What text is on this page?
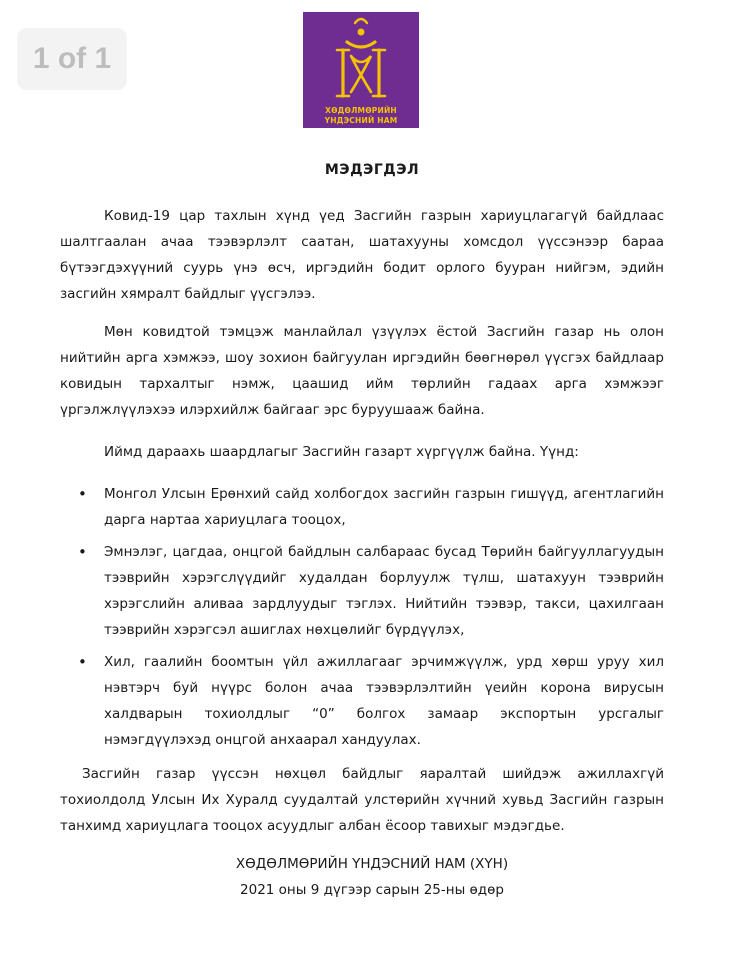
1 of 1
ХӨДӨЛМӨРИЙН
ҮНДЭСНИЙ НАМ
МЭДЭГДЭЛ

Ковид-19 цар тахлын хүнд үед Засгийн газрын хариуцлагагүй байдлаас шалтгаалан ачаа тээвэрлэлт саатан, шатахууны хомсдол үүсcэнээр бараа бүтээгдэхүүний суурь үнэ өсч, иргэдийн бодит орлого бууран нийгэм, эдийн засгийн хямралт байдлыг үүсгэлээ.

Мөн ковидтой тэмцэж манлайлал үзүүлэх ёстой Засгийн газар нь олон нийтийн арга хэмжээ, шоу зохион байгуулан иргэдийн бөөгнөрөл үүсгэх байдлаар ковидын тархалтыг нэмж, цаашид ийм төрлийн гадаах арга хэмжээг үргэлжлүүлэхээ илэрхийлж байгааг эрс буруушааж байна.

Иймд дараахь шаардлагыг Засгийн газарт хүргүүлж байна. Үүнд:

• Монгол Улсын Ерөнхий сайд холбогдох засгийн газрын гишүүд, агентлагийн дарга нартаа хариуцлага тооцох,
• Эмнэлэг, цагдаа, онцгой байдлын салбараас бусад Төрийн байгууллагуудын тээврийн хэрэгслүүдийг худалдан борлуулж түлш, шатахуун тээврийн хэрэгслийн аливаа зардлуудыг тэглэх. Нийтийн тээвэр, такси, цахилгаан тээврийн хэрэгсэл ашиглах нөхцөлийг бүрдүүлэх,
• Хил, гаалийн боомтын үйл ажиллагааг эрчимжүүлж, урд хөрш уруу хил нэвтэрч буй нүүрс болон ачаа тээвэрлэлтийн үеийн корона вирусын халдварын тохиолдлыг “0” болгох замаар экспортын урсгалыг нэмэгдүүлэхэд онцгой анхаарал хандуулах.

Засгийн газар үүссэн нөхцөл байдлыг яаралтай шийдэж ажиллахгүй тохиолдолд Улсын Их Хуралд суудалтай улстөрийн хүчний хувьд Засгийн газрын танхимд хариуцлага тооцох асуудлыг албан ёсоор тавихыг мэдэгдье.

ХӨДӨЛМӨРИЙН ҮНДЭСНИЙ НАМ (ХҮН)
2021 оны 9 дүгээр сарын 25-ны өдөр
